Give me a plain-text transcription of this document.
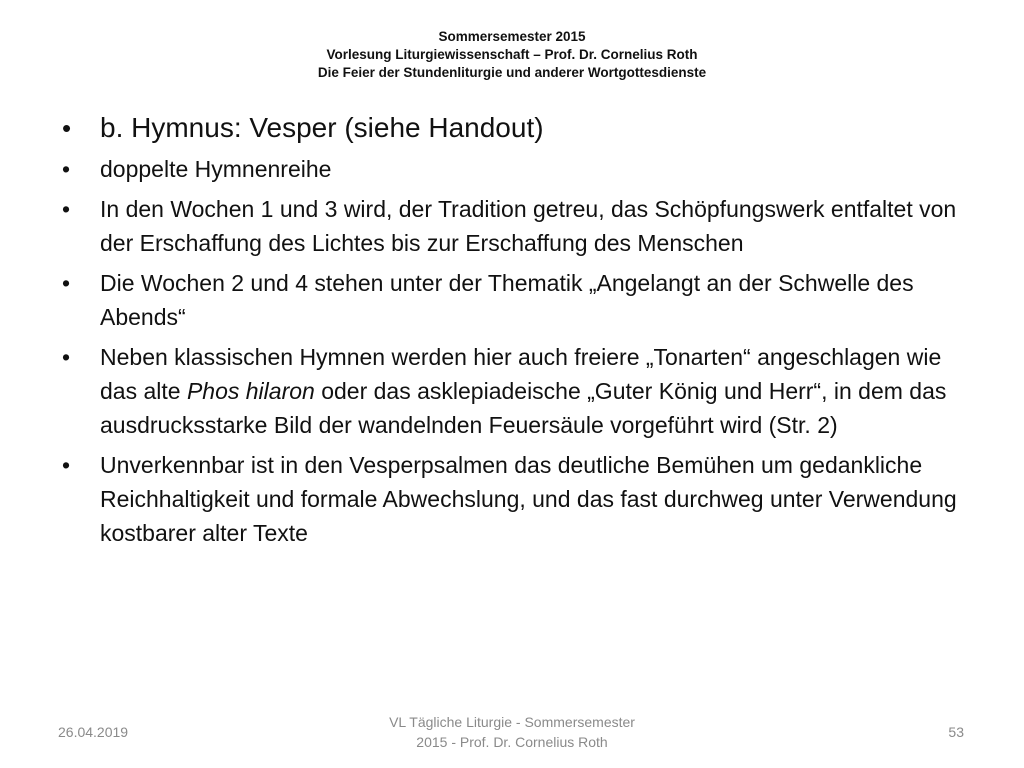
Sommersemester 2015
Vorlesung Liturgiewissenschaft – Prof. Dr. Cornelius Roth
Die Feier der Stundenliturgie und anderer Wortgottesdienste
• b. Hymnus: Vesper (siehe Handout)
• doppelte Hymnenreihe
• In den Wochen 1 und 3 wird, der Tradition getreu, das Schöpfungswerk entfaltet von der Erschaffung des Lichtes bis zur Erschaffung des Menschen
• Die Wochen 2 und 4 stehen unter der Thematik „Angelangt an der Schwelle des Abends“
• Neben klassischen Hymnen werden hier auch freiere „Tonarten“ angeschlagen wie das alte Phos hilaron oder das asklepiadeische „Guter König und Herr“, in dem das ausdrucksstarke Bild der wandelnden Feuersäule vorgeführt wird (Str. 2)
• Unverkennbar ist in den Vesperpsalmen das deutliche Bemühen um gedankliche Reichhaltigkeit und formale Abwechslung, und das fast durchweg unter Verwendung kostbarer alter Texte
26.04.2019
VL Tägliche Liturgie - Sommersemester
2015 - Prof. Dr. Cornelius Roth
53
